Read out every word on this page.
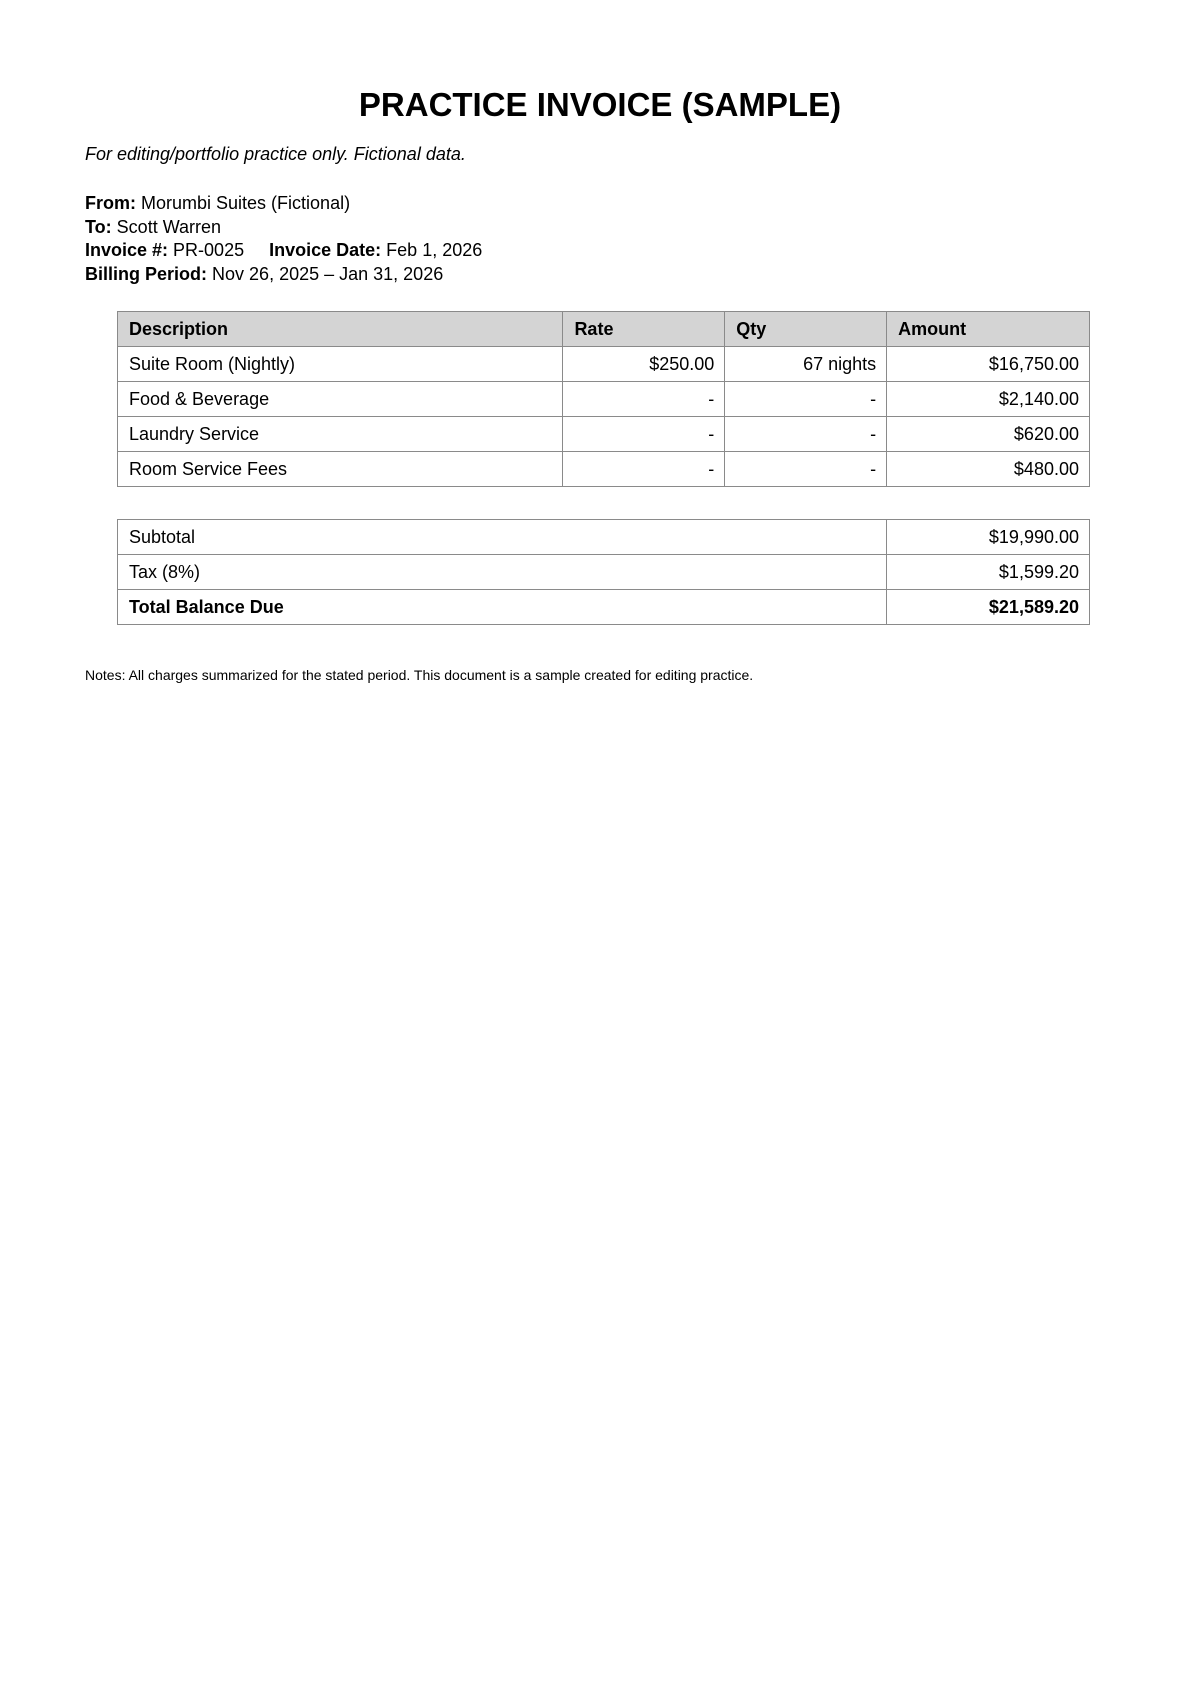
PRACTICE INVOICE (SAMPLE)
For editing/portfolio practice only. Fictional data.
From: Morumbi Suites (Fictional)
To: Scott Warren
Invoice #: PR-0025 Invoice Date: Feb 1, 2026
Billing Period: Nov 26, 2025 – Jan 31, 2026
Description	Rate	Qty	Amount
Suite Room (Nightly)	$250.00	67 nights	$16,750.00
Food & Beverage	-	-	$2,140.00
Laundry Service	-	-	$620.00
Room Service Fees	-	-	$480.00
Subtotal	$19,990.00
Tax (8%)	$1,599.20
Total Balance Due	$21,589.20
Notes: All charges summarized for the stated period. This document is a sample created for editing practice.
